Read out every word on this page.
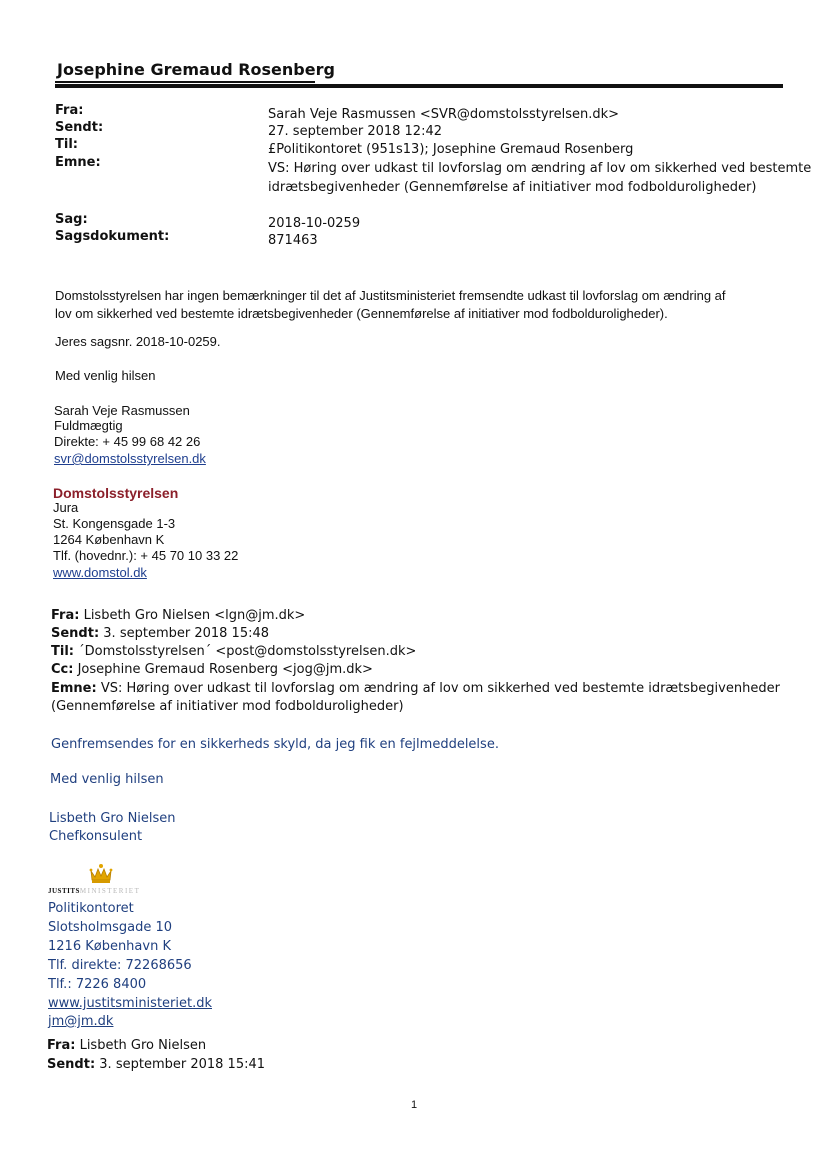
Josephine Gremaud Rosenberg
Fra:	Sarah Veje Rasmussen <SVR@domstolsstyrelsen.dk>
Sendt:	27. september 2018 12:42
Til:	£Politikontoret (951s13); Josephine Gremaud Rosenberg
Emne:	VS: Høring over udkast til lovforslag om ændring af lov om sikkerhed ved bestemte
idrætsbegivenheder (Gennemførelse af initiativer mod fodbolduroligheder)
Sag:	2018-10-0259
Sagsdokument:	871463
Domstolsstyrelsen har ingen bemærkninger til det af Justitsministeriet fremsendte udkast til lovforslag om ændring af
lov om sikkerhed ved bestemte idrætsbegivenheder (Gennemførelse af initiativer mod fodbolduroligheder).
Jeres sagsnr. 2018-10-0259.
Med venlig hilsen
Sarah Veje Rasmussen
Fuldmægtig
Direkte: + 45 99 68 42 26
svr@domstolsstyrelsen.dk
Domstolsstyrelsen
Jura
St. Kongensgade 1-3
1264 København K
Tlf. (hovednr.): + 45 70 10 33 22
www.domstol.dk
Fra: Lisbeth Gro Nielsen <lgn@jm.dk>
Sendt: 3. september 2018 15:48
Til: ´Domstolsstyrelsen´ <post@domstolsstyrelsen.dk>
Cc: Josephine Gremaud Rosenberg <jog@jm.dk>
Emne: VS: Høring over udkast til lovforslag om ændring af lov om sikkerhed ved bestemte idrætsbegivenheder
(Gennemførelse af initiativer mod fodbolduroligheder)
Genfremsendes for en sikkerheds skyld, da jeg fik en fejlmeddelelse.
Med venlig hilsen
Lisbeth Gro Nielsen
Chefkonsulent
JUSTITSMINISTERIET
Politikontoret
Slotsholmsgade 10
1216 København K
Tlf. direkte: 72268656
Tlf.: 7226 8400
www.justitsministeriet.dk
jm@jm.dk
Fra: Lisbeth Gro Nielsen
Sendt: 3. september 2018 15:41
1
